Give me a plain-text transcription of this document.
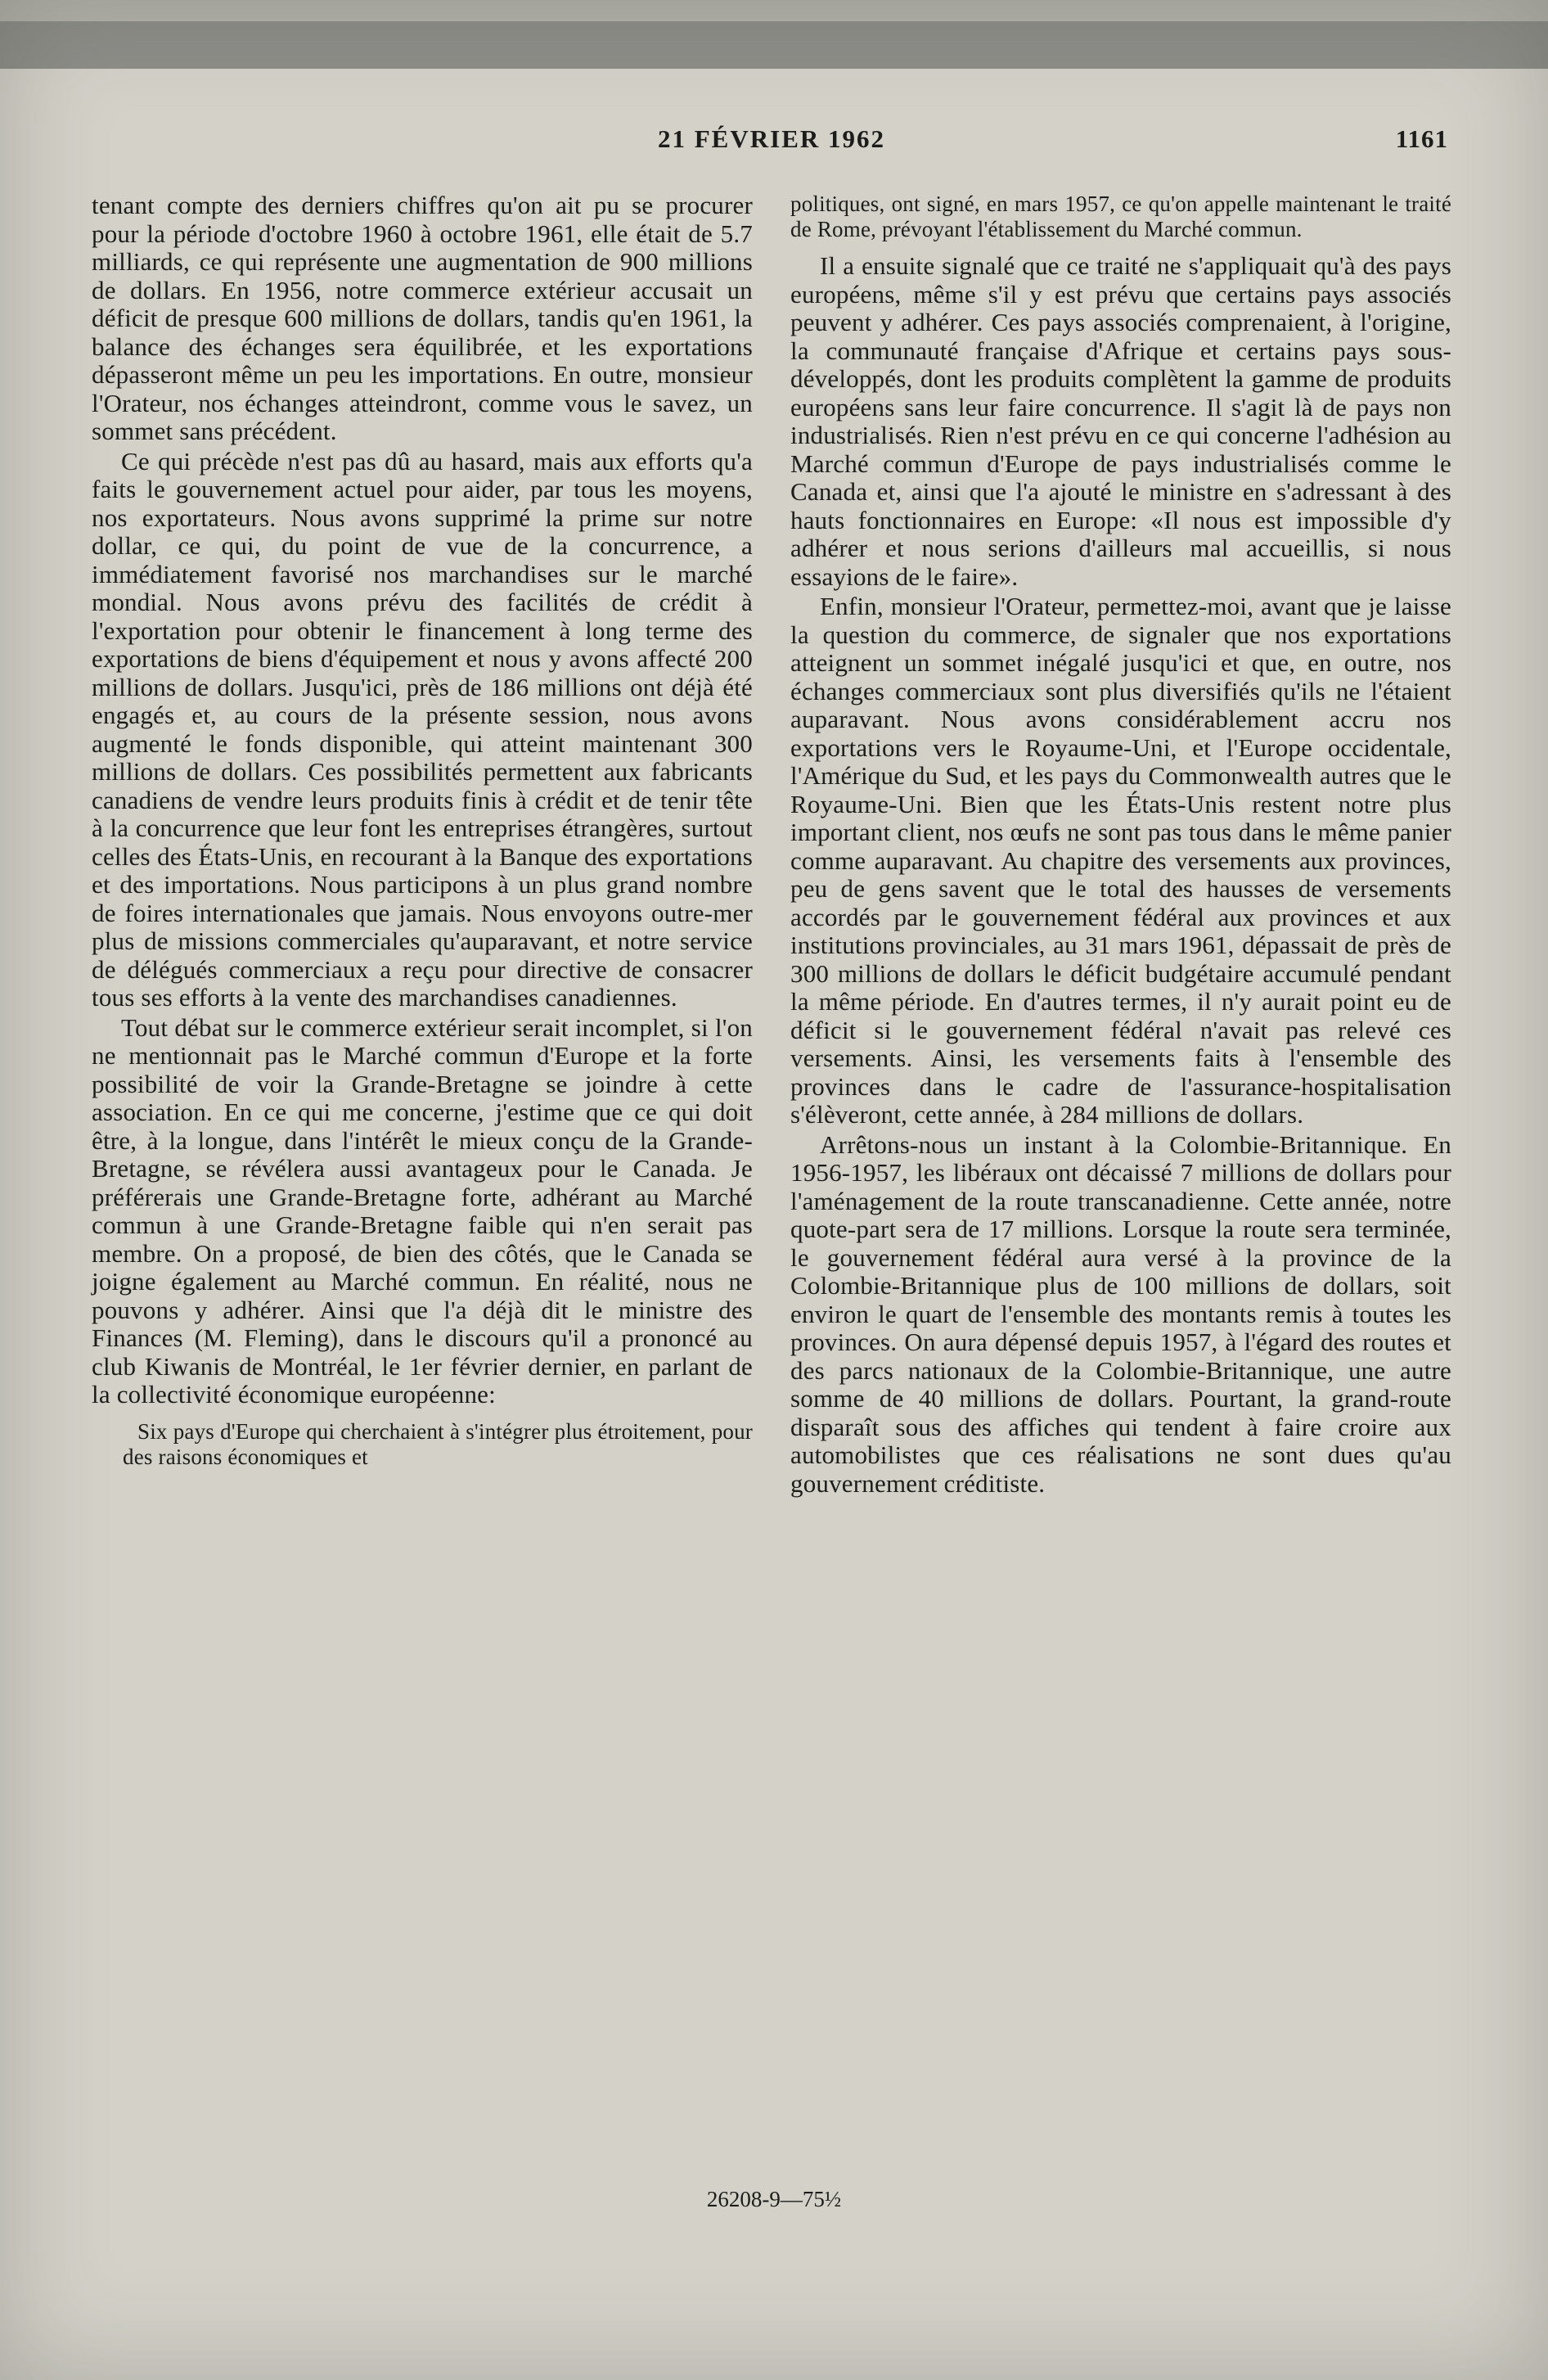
21 FÉVRIER 1962	1161

tenant compte des derniers chiffres qu'on ait pu se procurer pour la période d'octobre 1960 à octobre 1961, elle était de 5.7 milliards, ce qui représente une augmentation de 900 millions de dollars. En 1956, notre commerce extérieur accusait un déficit de presque 600 millions de dollars, tandis qu'en 1961, la balance des échanges sera équilibrée, et les exportations dépasseront même un peu les importations. En outre, monsieur l'Orateur, nos échanges atteindront, comme vous le savez, un sommet sans précédent.

Ce qui précède n'est pas dû au hasard, mais aux efforts qu'a faits le gouvernement actuel pour aider, par tous les moyens, nos exportateurs. Nous avons supprimé la prime sur notre dollar, ce qui, du point de vue de la concurrence, a immédiatement favorisé nos marchandises sur le marché mondial. Nous avons prévu des facilités de crédit à l'exportation pour obtenir le financement à long terme des exportations de biens d'équipement et nous y avons affecté 200 millions de dollars. Jusqu'ici, près de 186 millions ont déjà été engagés et, au cours de la présente session, nous avons augmenté le fonds disponible, qui atteint maintenant 300 millions de dollars. Ces possibilités permettent aux fabricants canadiens de vendre leurs produits finis à crédit et de tenir tête à la concurrence que leur font les entreprises étrangères, surtout celles des États-Unis, en recourant à la Banque des exportations et des importations. Nous participons à un plus grand nombre de foires internationales que jamais. Nous envoyons outre-mer plus de missions commerciales qu'auparavant, et notre service de délégués commerciaux a reçu pour directive de consacrer tous ses efforts à la vente des marchandises canadiennes.

Tout débat sur le commerce extérieur serait incomplet, si l'on ne mentionnait pas le Marché commun d'Europe et la forte possibilité de voir la Grande-Bretagne se joindre à cette association. En ce qui me concerne, j'estime que ce qui doit être, à la longue, dans l'intérêt le mieux conçu de la Grande-Bretagne, se révélera aussi avantageux pour le Canada. Je préférerais une Grande-Bretagne forte, adhérant au Marché commun à une Grande-Bretagne faible qui n'en serait pas membre. On a proposé, de bien des côtés, que le Canada se joigne également au Marché commun. En réalité, nous ne pouvons y adhérer. Ainsi que l'a déjà dit le ministre des Finances (M. Fleming), dans le discours qu'il a prononcé au club Kiwanis de Montréal, le 1er février dernier, en parlant de la collectivité économique européenne:

Six pays d'Europe qui cherchaient à s'intégrer plus étroitement, pour des raisons économiques et

politiques, ont signé, en mars 1957, ce qu'on appelle maintenant le traité de Rome, prévoyant l'établissement du Marché commun.

Il a ensuite signalé que ce traité ne s'appliquait qu'à des pays européens, même s'il y est prévu que certains pays associés peuvent y adhérer. Ces pays associés comprenaient, à l'origine, la communauté française d'Afrique et certains pays sous-développés, dont les produits complètent la gamme de produits européens sans leur faire concurrence. Il s'agit là de pays non industrialisés. Rien n'est prévu en ce qui concerne l'adhésion au Marché commun d'Europe de pays industrialisés comme le Canada et, ainsi que l'a ajouté le ministre en s'adressant à des hauts fonctionnaires en Europe: «Il nous est impossible d'y adhérer et nous serions d'ailleurs mal accueillis, si nous essayions de le faire».

Enfin, monsieur l'Orateur, permettez-moi, avant que je laisse la question du commerce, de signaler que nos exportations atteignent un sommet inégalé jusqu'ici et que, en outre, nos échanges commerciaux sont plus diversifiés qu'ils ne l'étaient auparavant. Nous avons considérablement accru nos exportations vers le Royaume-Uni, et l'Europe occidentale, l'Amérique du Sud, et les pays du Commonwealth autres que le Royaume-Uni. Bien que les États-Unis restent notre plus important client, nos œufs ne sont pas tous dans le même panier comme auparavant. Au chapitre des versements aux provinces, peu de gens savent que le total des hausses de versements accordés par le gouvernement fédéral aux provinces et aux institutions provinciales, au 31 mars 1961, dépassait de près de 300 millions de dollars le déficit budgétaire accumulé pendant la même période. En d'autres termes, il n'y aurait point eu de déficit si le gouvernement fédéral n'avait pas relevé ces versements. Ainsi, les versements faits à l'ensemble des provinces dans le cadre de l'assurance-hospitalisation s'élèveront, cette année, à 284 millions de dollars.

Arrêtons-nous un instant à la Colombie-Britannique. En 1956-1957, les libéraux ont décaissé 7 millions de dollars pour l'aménagement de la route transcanadienne. Cette année, notre quote-part sera de 17 millions. Lorsque la route sera terminée, le gouvernement fédéral aura versé à la province de la Colombie-Britannique plus de 100 millions de dollars, soit environ le quart de l'ensemble des montants remis à toutes les provinces. On aura dépensé depuis 1957, à l'égard des routes et des parcs nationaux de la Colombie-Britannique, une autre somme de 40 millions de dollars. Pourtant, la grand-route disparaît sous des affiches qui tendent à faire croire aux automobilistes que ces réalisations ne sont dues qu'au gouvernement créditiste.

26208-9—75½
